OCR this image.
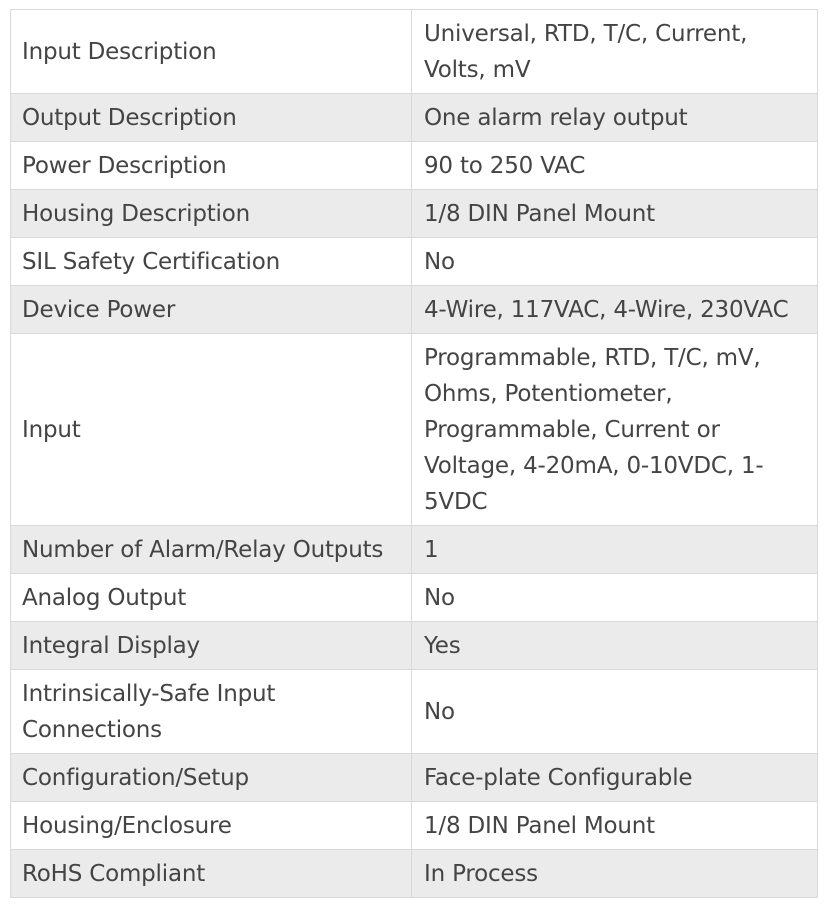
Input Description	Universal, RTD, T/C, Current, Volts, mV
Output Description	One alarm relay output
Power Description	90 to 250 VAC
Housing Description	1/8 DIN Panel Mount
SIL Safety Certification	No
Device Power	4-Wire, 117VAC, 4-Wire, 230VAC
Input	Programmable, RTD, T/C, mV, Ohms, Potentiometer, Programmable, Current or Voltage, 4-20mA, 0-10VDC, 1-5VDC
Number of Alarm/Relay Outputs	1
Analog Output	No
Integral Display	Yes
Intrinsically-Safe Input Connections	No
Configuration/Setup	Face-plate Configurable
Housing/Enclosure	1/8 DIN Panel Mount
RoHS Compliant	In Process
